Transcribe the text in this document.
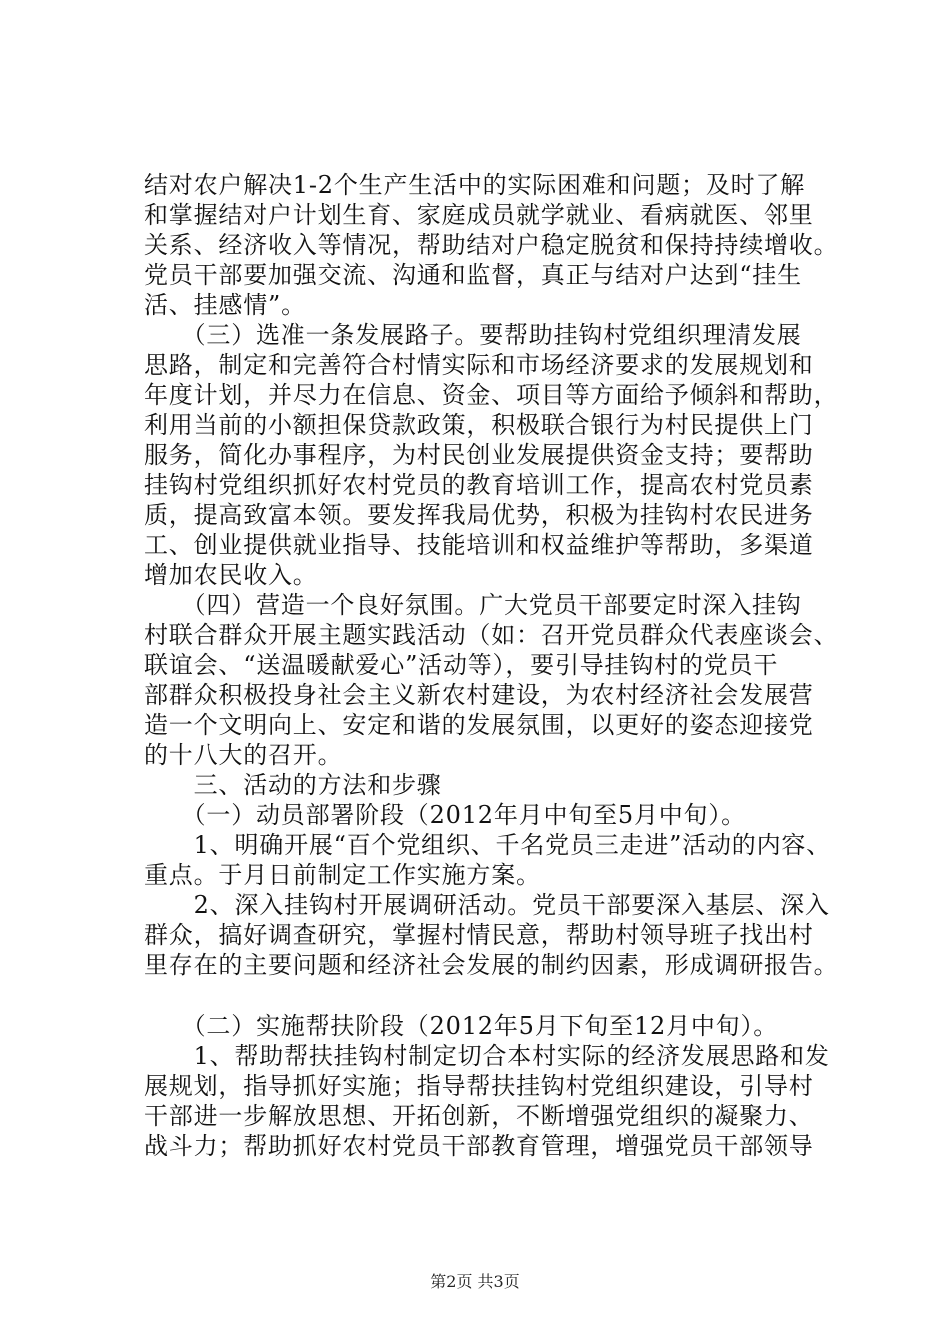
结对农户解决1-2个生产生活中的实际困难和问题；及时了解
和掌握结对户计划生育、家庭成员就学就业、看病就医、邻里
关系、经济收入等情况，帮助结对户稳定脱贫和保持持续增收。
党员干部要加强交流、沟通和监督，真正与结对户达到“挂生
活、挂感情”。
　　（三）选准一条发展路子。要帮助挂钩村党组织理清发展
思路，制定和完善符合村情实际和市场经济要求的发展规划和
年度计划，并尽力在信息、资金、项目等方面给予倾斜和帮助，
利用当前的小额担保贷款政策，积极联合银行为村民提供上门
服务，简化办事程序，为村民创业发展提供资金支持；要帮助
挂钩村党组织抓好农村党员的教育培训工作，提高农村党员素
质，提高致富本领。要发挥我局优势，积极为挂钩村农民进务
工、创业提供就业指导、技能培训和权益维护等帮助，多渠道
增加农民收入。
　　（四）营造一个良好氛围。广大党员干部要定时深入挂钩
村联合群众开展主题实践活动（如：召开党员群众代表座谈会、
联谊会、“送温暖献爱心”活动等），要引导挂钩村的党员干
部群众积极投身社会主义新农村建设，为农村经济社会发展营
造一个文明向上、安定和谐的发展氛围，以更好的姿态迎接党
的十八大的召开。
　　三、活动的方法和步骤
　　（一）动员部署阶段（2012年月中旬至5月中旬）。
　　1、明确开展“百个党组织、千名党员三走进”活动的内容、
重点。于月日前制定工作实施方案。
　　2、深入挂钩村开展调研活动。党员干部要深入基层、深入
群众，搞好调查研究，掌握村情民意，帮助村领导班子找出村
里存在的主要问题和经济社会发展的制约因素，形成调研报告。
　　（二）实施帮扶阶段（2012年5月下旬至12月中旬）。
　　1、帮助帮扶挂钩村制定切合本村实际的经济发展思路和发
展规划，指导抓好实施；指导帮扶挂钩村党组织建设，引导村
干部进一步解放思想、开拓创新，不断增强党组织的凝聚力、
战斗力；帮助抓好农村党员干部教育管理，增强党员干部领导
第2页 共3页
